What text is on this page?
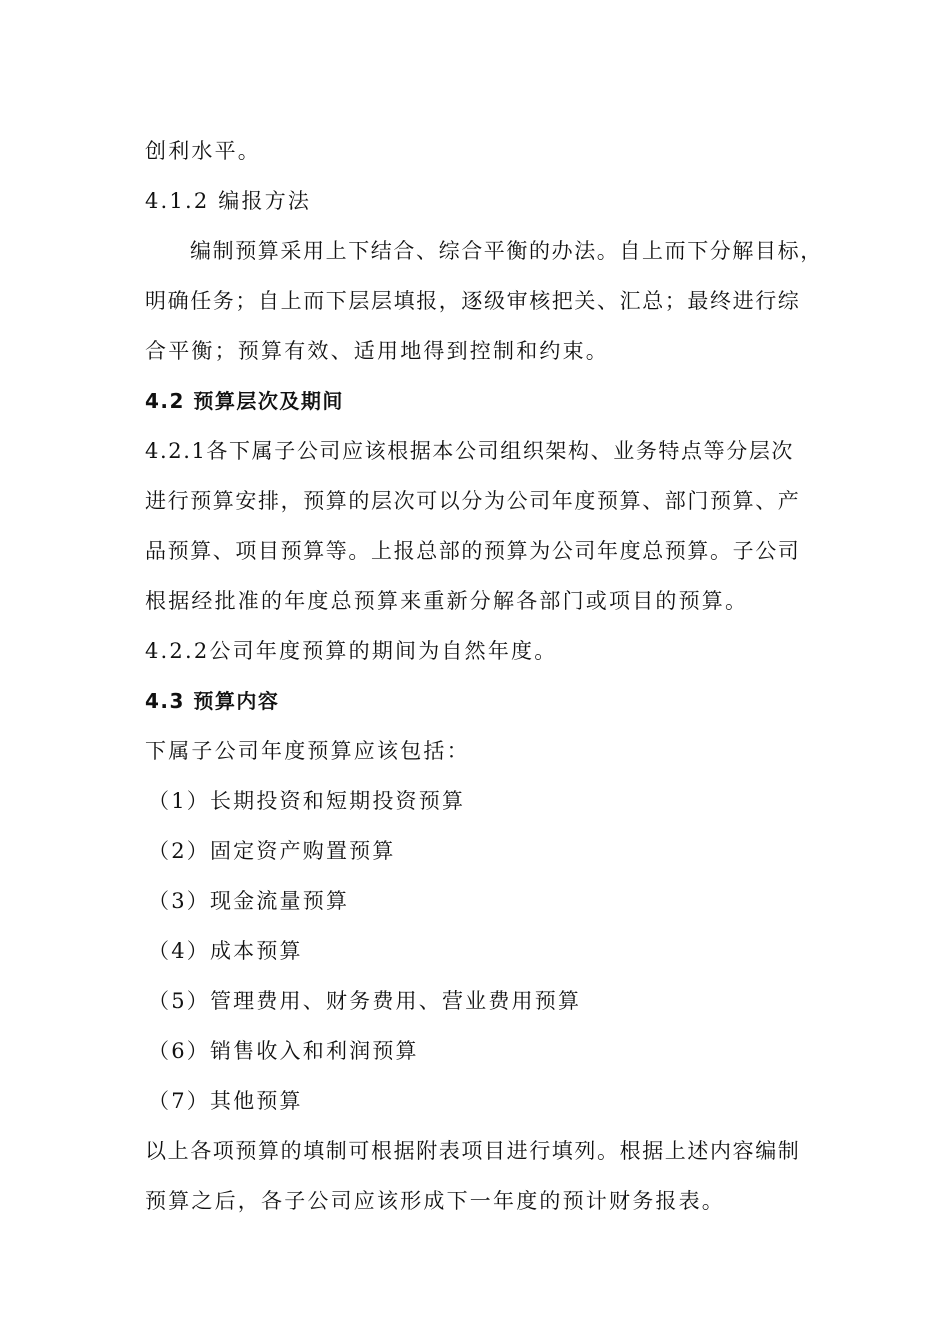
创利水平。
4.1.2 编报方法
编制预算采用上下结合、综合平衡的办法。自上而下分解目标，
明确任务；自上而下层层填报，逐级审核把关、汇总；最终进行综
合平衡；预算有效、适用地得到控制和约束。
4.2 预算层次及期间
4.2.1各下属子公司应该根据本公司组织架构、业务特点等分层次
进行预算安排，预算的层次可以分为公司年度预算、部门预算、产
品预算、项目预算等。上报总部的预算为公司年度总预算。子公司
根据经批准的年度总预算来重新分解各部门或项目的预算。
4.2.2公司年度预算的期间为自然年度。
4.3 预算内容
下属子公司年度预算应该包括：
（1）长期投资和短期投资预算
（2）固定资产购置预算
（3）现金流量预算
（4）成本预算
（5）管理费用、财务费用、营业费用预算
（6）销售收入和利润预算
（7）其他预算
以上各项预算的填制可根据附表项目进行填列。根据上述内容编制
预算之后，各子公司应该形成下一年度的预计财务报表。
